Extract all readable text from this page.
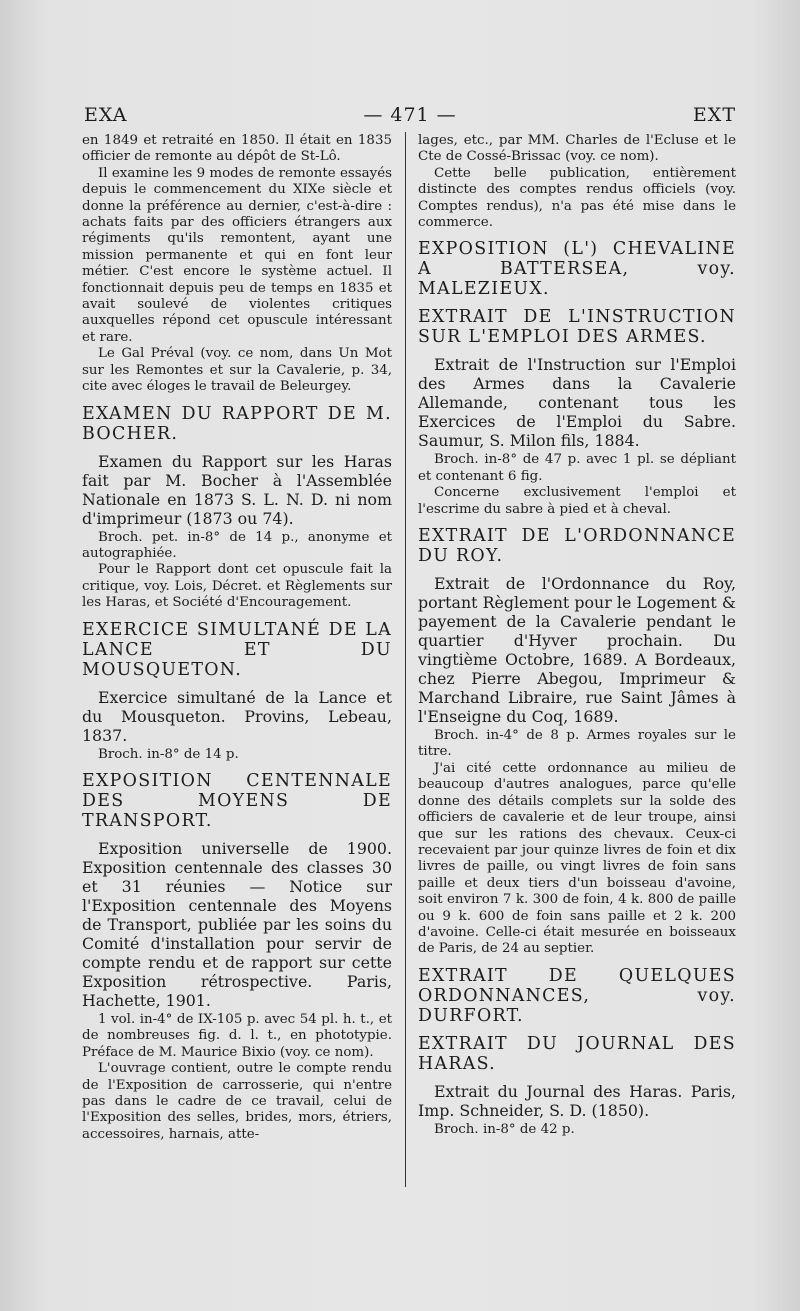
EXA	— 471 —	EXT

en 1849 et retraité en 1850. Il était en 1835 officier de remonte au dépôt de St-Lô.

Il examine les 9 modes de remonte essayés depuis le commencement du XIXe siècle et donne la préférence au dernier, c'est-à-dire : achats faits par des officiers étrangers aux régiments qu'ils remontent, ayant une mission permanente et qui en font leur métier. C'est encore le système actuel. Il fonctionnait depuis peu de temps en 1835 et avait soulevé de violentes critiques auxquelles répond cet opuscule intéressant et rare.

Le Gal Préval (voy. ce nom, dans Un Mot sur les Remontes et sur la Cavalerie, p. 34, cite avec éloges le travail de Beleurgey.

EXAMEN DU RAPPORT DE M. BOCHER.

Examen du Rapport sur les Haras fait par M. Bocher à l'Assemblée Nationale en 1873 S. L. N. D. ni nom d'imprimeur (1873 ou 74).

Broch. pet. in-8° de 14 p., anonyme et autographiée.

Pour le Rapport dont cet opuscule fait la critique, voy. Lois, Décret. et Règlements sur les Haras, et Société d'Encouragement.

EXERCICE SIMULTANÉ DE LA LANCE ET DU MOUSQUETON.

Exercice simultané de la Lance et du Mousqueton. Provins, Lebeau, 1837.

Broch. in-8° de 14 p.

EXPOSITION CENTENNALE DES MOYENS DE TRANSPORT.

Exposition universelle de 1900. Exposition centennale des classes 30 et 31 réunies — Notice sur l'Exposition centennale des Moyens de Transport, publiée par les soins du Comité d'installation pour servir de compte rendu et de rapport sur cette Exposition rétrospective. Paris, Hachette, 1901.

1 vol. in-4° de IX-105 p. avec 54 pl. h. t., et de nombreuses fig. d. l. t., en phototypie. Préface de M. Maurice Bixio (voy. ce nom).

L'ouvrage contient, outre le compte rendu de l'Exposition de carrosserie, qui n'entre pas dans le cadre de ce travail, celui de l'Exposition des selles, brides, mors, étriers, accessoires, harnais, atte-

lages, etc., par MM. Charles de l'Ecluse et le Cte de Cossé-Brissac (voy. ce nom).

Cette belle publication, entièrement distincte des comptes rendus officiels (voy. Comptes rendus), n'a pas été mise dans le commerce.

EXPOSITION (L') CHEVALINE A BATTERSEA, voy. MALEZIEUX.

EXTRAIT DE L'INSTRUCTION SUR L'EMPLOI DES ARMES.

Extrait de l'Instruction sur l'Emploi des Armes dans la Cavalerie Allemande, contenant tous les Exercices de l'Emploi du Sabre. Saumur, S. Milon fils, 1884.

Broch. in-8° de 47 p. avec 1 pl. se dépliant et contenant 6 fig.

Concerne exclusivement l'emploi et l'escrime du sabre à pied et à cheval.

EXTRAIT DE L'ORDONNANCE DU ROY.

Extrait de l'Ordonnance du Roy, portant Règlement pour le Logement & payement de la Cavalerie pendant le quartier d'Hyver prochain. Du vingtième Octobre, 1689. A Bordeaux, chez Pierre Abegou, Imprimeur & Marchand Libraire, rue Saint Jâmes à l'Enseigne du Coq, 1689.

Broch. in-4° de 8 p. Armes royales sur le titre.

J'ai cité cette ordonnance au milieu de beaucoup d'autres analogues, parce qu'elle donne des détails complets sur la solde des officiers de cavalerie et de leur troupe, ainsi que sur les rations des chevaux. Ceux-ci recevaient par jour quinze livres de foin et dix livres de paille, ou vingt livres de foin sans paille et deux tiers d'un boisseau d'avoine, soit environ 7 k. 300 de foin, 4 k. 800 de paille ou 9 k. 600 de foin sans paille et 2 k. 200 d'avoine. Celle-ci était mesurée en boisseaux de Paris, de 24 au septier.

EXTRAIT DE QUELQUES ORDONNANCES, voy. DURFORT.

EXTRAIT DU JOURNAL DES HARAS.

Extrait du Journal des Haras. Paris, Imp. Schneider, S. D. (1850).

Broch. in-8° de 42 p.
